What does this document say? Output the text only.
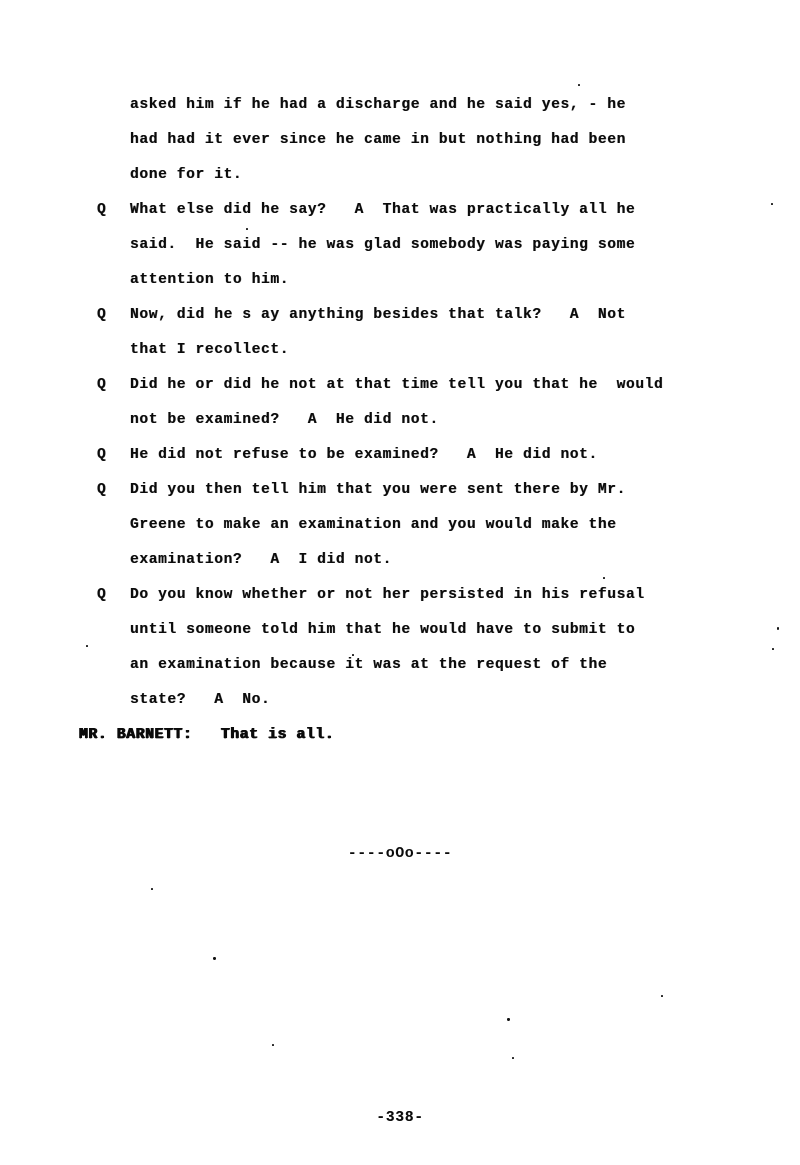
asked him if he had a discharge and he said yes, - he
had had it ever since he came in but nothing had been
done for it.
Q What else did he say?   A  That was practically all he
said.  He said -- he was glad somebody was paying some
attention to him.
Q Now, did he s ay anything besides that talk?   A  Not
that I recollect.
Q Did he or did he not at that time tell you that he  would
not be examined?   A  He did not.
Q He did not refuse to be examined?   A  He did not.
Q Did you then tell him that you were sent there by Mr.
Greene to make an examination and you would make the
examination?   A  I did not.
Q Do you know whether or not her persisted in his refusal
until someone told him that he would have to submit to
an examination because it was at the request of the
state?   A  No.
MR. BARNETT:   That is all.
----oOo----
-338-
